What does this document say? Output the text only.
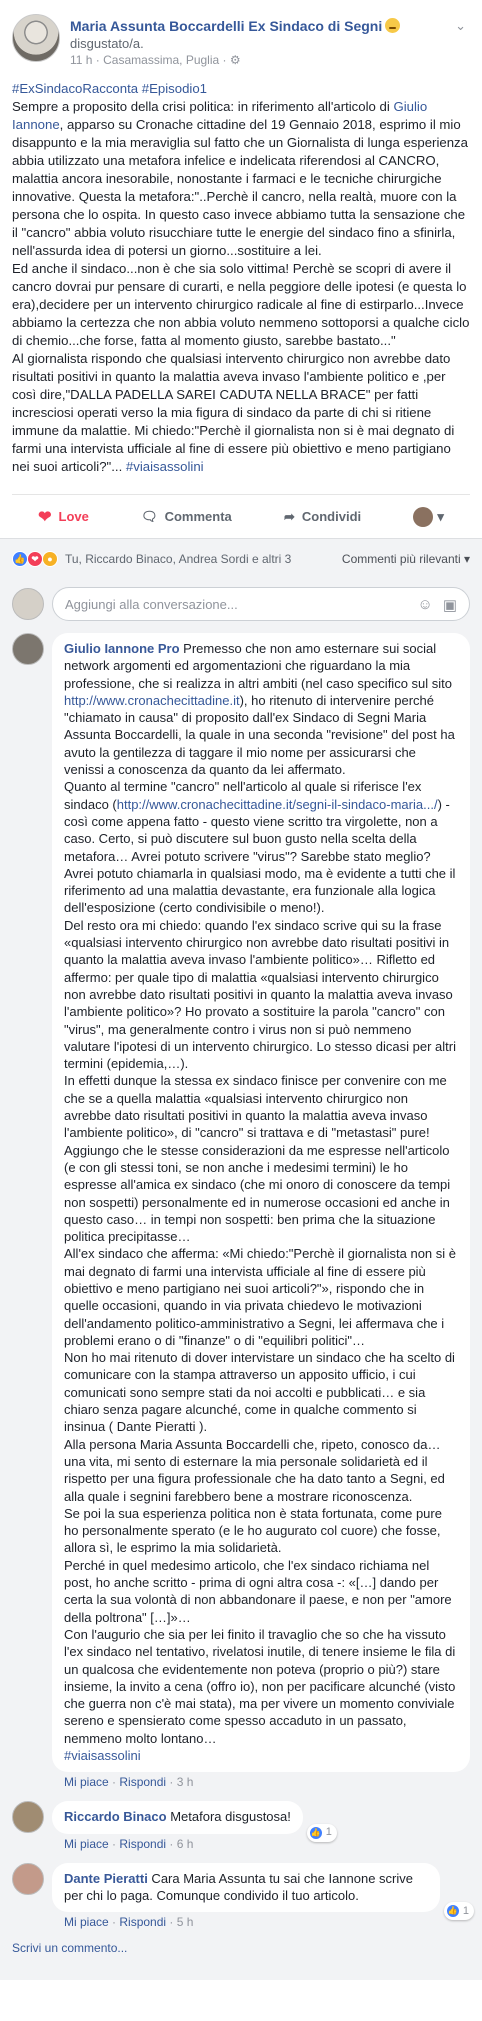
Maria Assunta Boccardelli Ex Sindaco di Segni
disgustato/a.
11 h · Casamassima, Puglia · ⚙
⌄

#ExSindacoRacconta #Episodio1

Sempre a proposito della crisi politica: in riferimento all'articolo di Giulio Iannone, apparso su Cronache cittadine del 19 Gennaio 2018, esprimo il mio disappunto e la mia meraviglia sul fatto che un Giornalista di lunga esperienza abbia utilizzato una metafora infelice e indelicata riferendosi al CANCRO, malattia ancora inesorabile, nonostante i farmaci e le tecniche chirurgiche innovative. Questa la metafora:"..Perchè il cancro, nella realtà, muore con la persona che lo ospita. In questo caso invece abbiamo tutta la sensazione che il "cancro" abbia voluto risucchiare tutte le energie del sindaco fino a sfinirla, nell'assurda idea di potersi un giorno...sostituire a lei.

Ed anche il sindaco...non è che sia solo vittima! Perchè se scopri di avere il cancro dovrai pur pensare di curarti, e nella peggiore delle ipotesi (e questa lo era),decidere per un intervento chirurgico radicale al fine di estirparlo...Invece abbiamo la certezza che non abbia voluto nemmeno sottoporsi a qualche ciclo di chemio...che forse, fatta al momento giusto, sarebbe bastato..."

Al giornalista rispondo che qualsiasi intervento chirurgico non avrebbe dato risultati positivi in quanto la malattia aveva invaso l'ambiente politico e ,per così dire,"DALLA PADELLA SAREI CADUTA NELLA BRACE" per fatti incresciosi operati verso la mia figura di sindaco da parte di chi si ritiene immune da malattie. Mi chiedo:"Perchè il giornalista non si è mai degnato di farmi una intervista ufficiale al fine di essere più obiettivo e meno partigiano nei suoi articoli?"... #viaisassolini

❤ Love	🗨 Commenta	➦ Condividi	▾
👍 ❤ ●	Tu, Riccardo Binaco, Andrea Sordi e altri 3	Commenti più rilevanti ▾
Aggiungi alla conversazione...	☺ ▣
Giulio Iannone Pro Premesso che non amo esternare sui social network argomenti ed argomentazioni che riguardano la mia professione, che si realizza in altri ambiti (nel caso specifico sul sito http://www.cronachecittadine.it), ho ritenuto di intervenire perché "chiamato in causa" di proposito dall'ex Sindaco di Segni Maria Assunta Boccardelli, la quale in una seconda "revisione" del post ha avuto la gentilezza di taggare il mio nome per assicurarsi che venissi a conoscenza da quanto da lei affermato.
Quanto al termine "cancro" nell'articolo al quale si riferisce l'ex sindaco (http://www.cronachecittadine.it/segni-il-sindaco-maria.../) - così come appena fatto - questo viene scritto tra virgolette, non a caso. Certo, si può discutere sul buon gusto nella scelta della metafora… Avrei potuto scrivere "virus"? Sarebbe stato meglio?
Avrei potuto chiamarla in qualsiasi modo, ma è evidente a tutti che il riferimento ad una malattia devastante, era funzionale alla logica dell'esposizione (certo condivisibile o meno!).
Del resto ora mi chiedo: quando l'ex sindaco scrive qui su la frase «qualsiasi intervento chirurgico non avrebbe dato risultati positivi in quanto la malattia aveva invaso l'ambiente politico»… Rifletto ed affermo: per quale tipo di malattia «qualsiasi intervento chirurgico non avrebbe dato risultati positivi in quanto la malattia aveva invaso l'ambiente politico»? Ho provato a sostituire la parola "cancro" con "virus", ma generalmente contro i virus non si può nemmeno valutare l'ipotesi di un intervento chirurgico. Lo stesso dicasi per altri termini (epidemia,…).
In effetti dunque la stessa ex sindaco finisce per convenire con me che se a quella malattia «qualsiasi intervento chirurgico non avrebbe dato risultati positivi in quanto la malattia aveva invaso l'ambiente politico», di "cancro" si trattava e di "metastasi" pure!
Aggiungo che le stesse considerazioni da me espresse nell'articolo (e con gli stessi toni, se non anche i medesimi termini) le ho espresse all'amica ex sindaco (che mi onoro di conoscere da tempi non sospetti) personalmente ed in numerose occasioni ed anche in questo caso… in tempi non sospetti: ben prima che la situazione politica precipitasse…
All'ex sindaco che afferma: «Mi chiedo:"Perchè il giornalista non si è mai degnato di farmi una intervista ufficiale al fine di essere più obiettivo e meno partigiano nei suoi articoli?"», rispondo che in quelle occasioni, quando in via privata chiedevo le motivazioni dell'andamento politico-amministrativo a Segni, lei affermava che i problemi erano o di "finanze" o di "equilibri politici"…
Non ho mai ritenuto di dover intervistare un sindaco che ha scelto di comunicare con la stampa attraverso un apposito ufficio, i cui comunicati sono sempre stati da noi accolti e pubblicati… e sia chiaro senza pagare alcunché, come in qualche commento si insinua ( Dante Pieratti ).
Alla persona Maria Assunta Boccardelli che, ripeto, conosco da… una vita, mi sento di esternare la mia personale solidarietà ed il rispetto per una figura professionale che ha dato tanto a Segni, ed alla quale i segnini farebbero bene a mostrare riconoscenza.
Se poi la sua esperienza politica non è stata fortunata, come pure ho personalmente sperato (e le ho augurato col cuore) che fosse, allora sì, le esprimo la mia solidarietà.
Perché in quel medesimo articolo, che l'ex sindaco richiama nel post, ho anche scritto - prima di ogni altra cosa -: «[…] dando per certa la sua volontà di non abbandonare il paese, e non per "amore della poltrona" […]»…
Con l'augurio che sia per lei finito il travaglio che so che ha vissuto l'ex sindaco nel tentativo, rivelatosi inutile, di tenere insieme le fila di un qualcosa che evidentemente non poteva (proprio o più?) stare insieme, la invito a cena (offro io), non per pacificare alcunché (visto che guerra non c'è mai stata), ma per vivere un momento conviviale sereno e spensierato come spesso accaduto in un passato, nemmeno molto lontano…
#viaisassolini
Mi piace · Rispondi · 3 h
Riccardo Binaco Metafora disgustosa!
👍 1
Mi piace · Rispondi · 6 h
Dante Pieratti Cara Maria Assunta tu sai che Iannone scrive per chi lo paga. Comunque condivido il tuo articolo.
👍 1
Mi piace · Rispondi · 5 h
Scrivi un commento...
